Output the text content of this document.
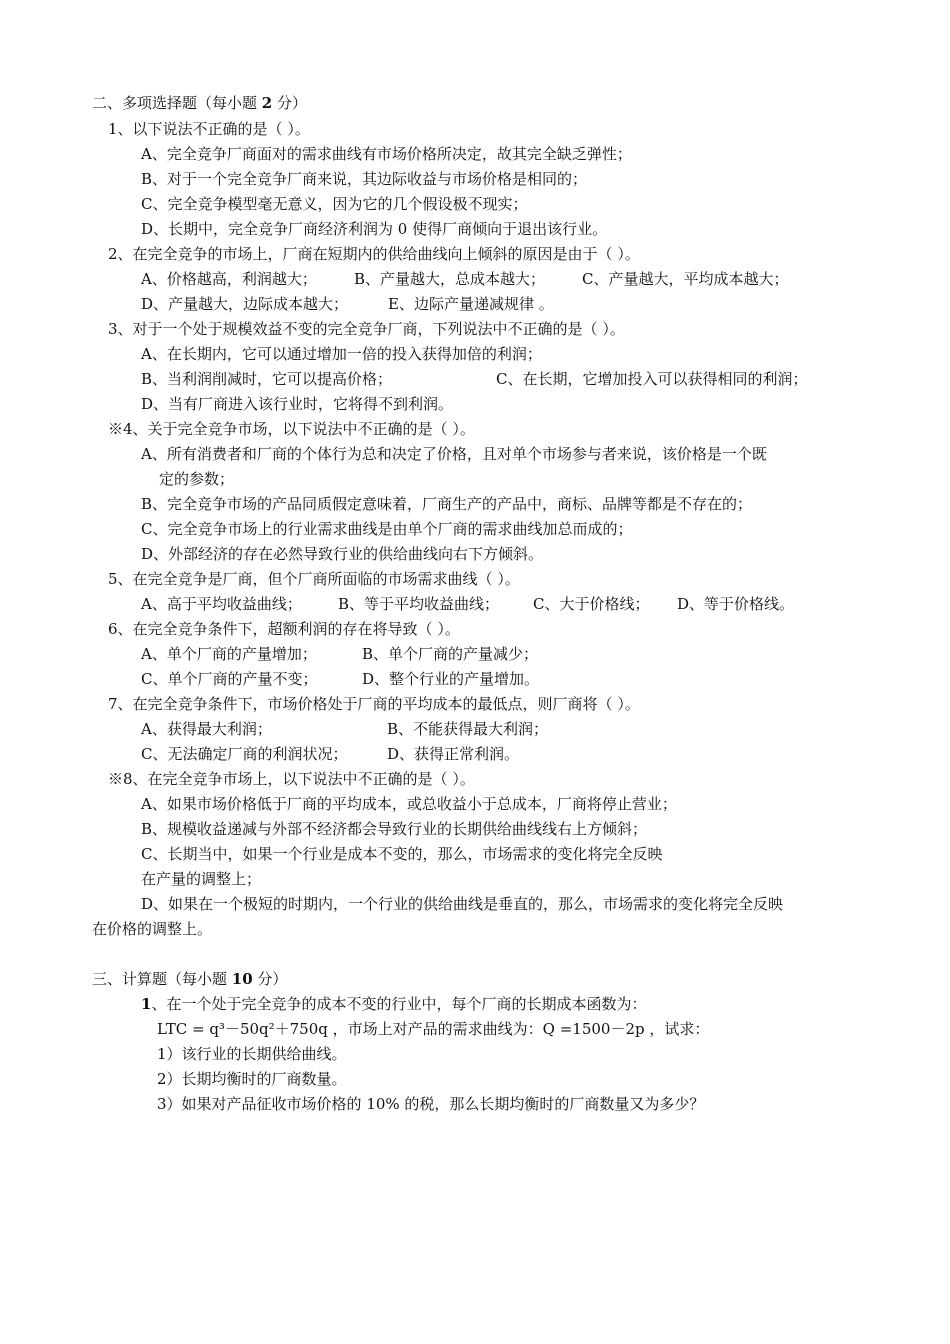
二、多项选择题（每小题 2 分）
1、以下说法不正确的是（ ）。
A、完全竞争厂商面对的需求曲线有市场价格所决定，故其完全缺乏弹性；
B、对于一个完全竞争厂商来说，其边际收益与市场价格是相同的；
C、完全竞争模型毫无意义，因为它的几个假设极不现实；
D、长期中，完全竞争厂商经济利润为 0 使得厂商倾向于退出该行业。
2、在完全竞争的市场上，厂商在短期内的供给曲线向上倾斜的原因是由于（ ）。
A、价格越高，利润越大； B、产量越大，总成本越大； C、产量越大，平均成本越大；
D、产量越大，边际成本越大；	E、边际产量递减规律 。
3、对于一个处于规模效益不变的完全竞争厂商，下列说法中不正确的是（ ）。
A、在长期内，它可以通过增加一倍的投入获得加倍的利润；
B、当利润削减时，它可以提高价格；	C、在长期，它增加投入可以获得相同的利润；
D、当有厂商进入该行业时，它将得不到利润。
※4、关于完全竞争市场，以下说法中不正确的是（ ）。
A、所有消费者和厂商的个体行为总和决定了价格，且对单个市场参与者来说，该价格是一个既
定的参数；
B、完全竞争市场的产品同质假定意味着，厂商生产的产品中，商标、品牌等都是不存在的；
C、完全竞争市场上的行业需求曲线是由单个厂商的需求曲线加总而成的；
D、外部经济的存在必然导致行业的供给曲线向右下方倾斜。
5、在完全竞争是厂商，但个厂商所面临的市场需求曲线（ ）。
A、高于平均收益曲线； B、等于平均收益曲线； C、大于价格线； D、等于价格线。
6、在完全竞争条件下，超额利润的存在将导致（ ）。
A、单个厂商的产量增加；	B、单个厂商的产量减少；
C、单个厂商的产量不变；	D、整个行业的产量增加。
7、在完全竞争条件下，市场价格处于厂商的平均成本的最低点，则厂商将（ ）。
A、获得最大利润；	B、不能获得最大利润；
C、无法确定厂商的利润状况；	D、获得正常利润。
※8、在完全竞争市场上，以下说法中不正确的是（ ）。
A、如果市场价格低于厂商的平均成本，或总收益小于总成本，厂商将停止营业；
B、规模收益递减与外部不经济都会导致行业的长期供给曲线线右上方倾斜；
C、长期当中，如果一个行业是成本不变的，那么，市场需求的变化将完全反映
在产量的调整上；
D、如果在一个极短的时期内，一个行业的供给曲线是垂直的，那么，市场需求的变化将完全反映
在价格的调整上。
三、计算题（每小题 10 分）
1、在一个处于完全竞争的成本不变的行业中，每个厂商的长期成本函数为：
LTC = q³－50q²＋750q ，市场上对产品的需求曲线为：Q =1500－2p ，试求：
1）该行业的长期供给曲线。
2）长期均衡时的厂商数量。
3）如果对产品征收市场价格的 10% 的税，那么长期均衡时的厂商数量又为多少？
